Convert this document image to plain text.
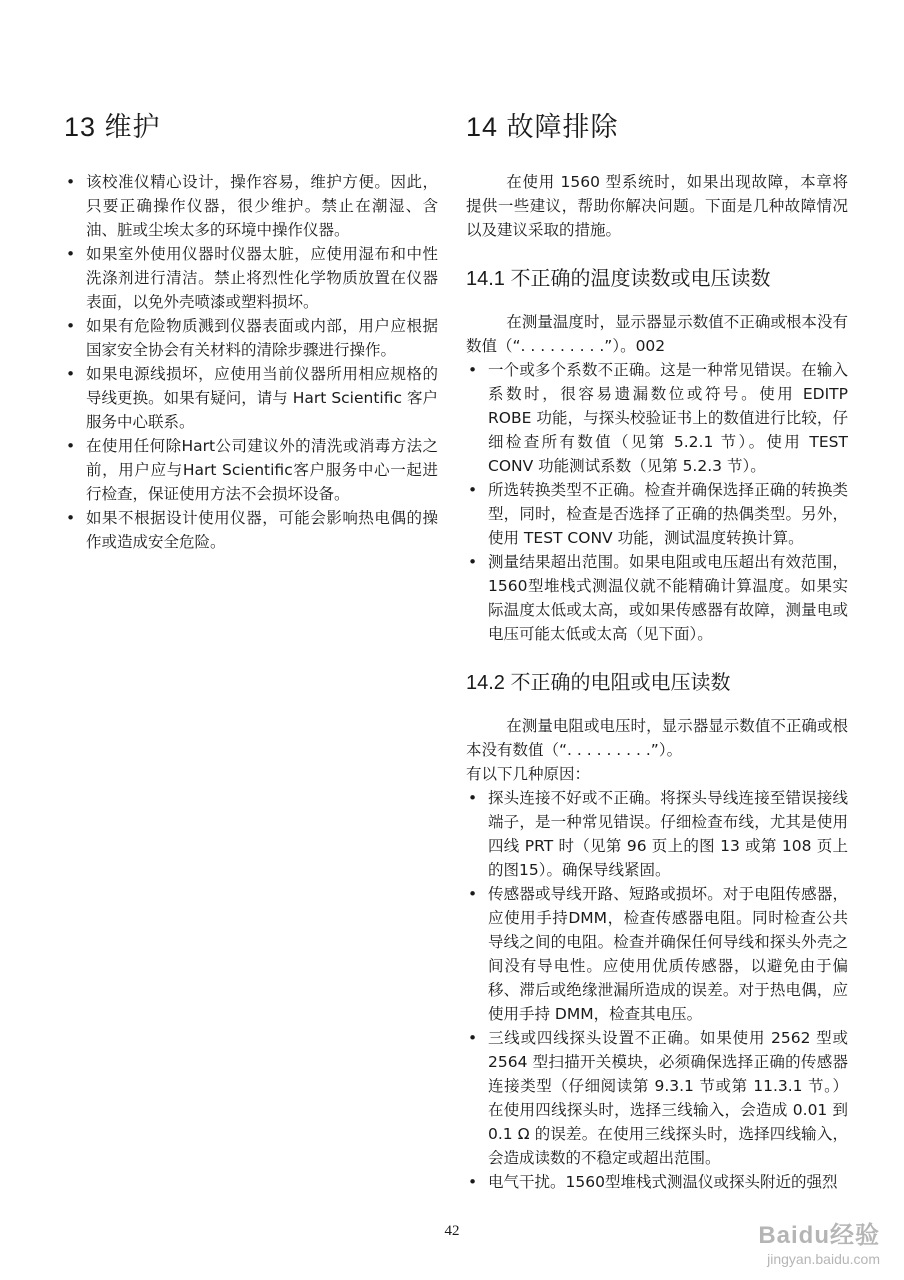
13 维护
• 该校准仪精心设计，操作容易，维护方便。因此，只要正确操作仪器，很少维护。禁止在潮湿、含油、脏或尘埃太多的环境中操作仪器。
• 如果室外使用仪器时仪器太脏，应使用湿布和中性洗涤剂进行清洁。禁止将烈性化学物质放置在仪器表面，以免外壳喷漆或塑料损坏。
• 如果有危险物质溅到仪器表面或内部，用户应根据国家安全协会有关材料的清除步骤进行操作。
• 如果电源线损坏，应使用当前仪器所用相应规格的导线更换。如果有疑问，请与 Hart Scientific 客户服务中心联系。
• 在使用任何除Hart公司建议外的清洗或消毒方法之前，用户应与Hart Scientific客户服务中心一起进行检查，保证使用方法不会损坏设备。
• 如果不根据设计使用仪器，可能会影响热电偶的操作或造成安全危险。
14 故障排除

在使用 1560 型系统时，如果出现故障，本章将提供一些建议，帮助你解决问题。下面是几种故障情况以及建议采取的措施。

14.1 不正确的温度读数或电压读数

在测量温度时，显示器显示数值不正确或根本没有数值（“. . . . . . . . .”）。002

• 一个或多个系数不正确。这是一种常见错误。在输入系数时，很容易遗漏数位或符号。使用 EDITP ROBE 功能，与探头校验证书上的数值进行比较，仔 细检查所有数值（见第 5.2.1 节）。使用 TEST CONV 功能测试系数（见第 5.2.3 节）。
• 所选转换类型不正确。检查并确保选择正确的转换类型，同时，检查是否选择了正确的热偶类型。另外，使用 TEST CONV 功能，测试温度转换计算。
• 测量结果超出范围。如果电阻或电压超出有效范围，1560型堆栈式测温仪就不能精确计算温度。如果实际温度太低或太高，或如果传感器有故障，测量电或电压可能太低或太高（见下面）。
14.2 不正确的电阻或电压读数

在测量电阻或电压时，显示器显示数值不正确或根本没有数值（“. . . . . . . . .”）。

有以下几种原因：

• 探头连接不好或不正确。将探头导线连接至错误接线端子，是一种常见错误。仔细检查布线，尤其是使用四线 PRT 时（见第 96 页上的图 13 或第 108 页上的图15）。确保导线紧固。
• 传感器或导线开路、短路或损坏。对于电阻传感器，应使用手持DMM，检查传感器电阻。同时检查公共导线之间的电阻。检查并确保任何导线和探头外壳之间没有导电性。应使用优质传感器，以避免由于偏移、滞后或绝缘泄漏所造成的误差。对于热电偶，应使用手持 DMM，检查其电压。
• 三线或四线探头设置不正确。如果使用 2562 型或 2564 型扫描开关模块，必须确保选择正确的传感器连接类型（仔细阅读第 9.3.1 节或第 11.3.1 节。）在使用四线探头时，选择三线输入，会造成 0.01 到 0.1 Ω 的误差。在使用三线探头时，选择四线输入，会造成读数的不稳定或超出范围。
• 电气干扰。1560型堆栈式测温仪或探头附近的强烈
42	Baidu经验
jingyan.baidu.com
